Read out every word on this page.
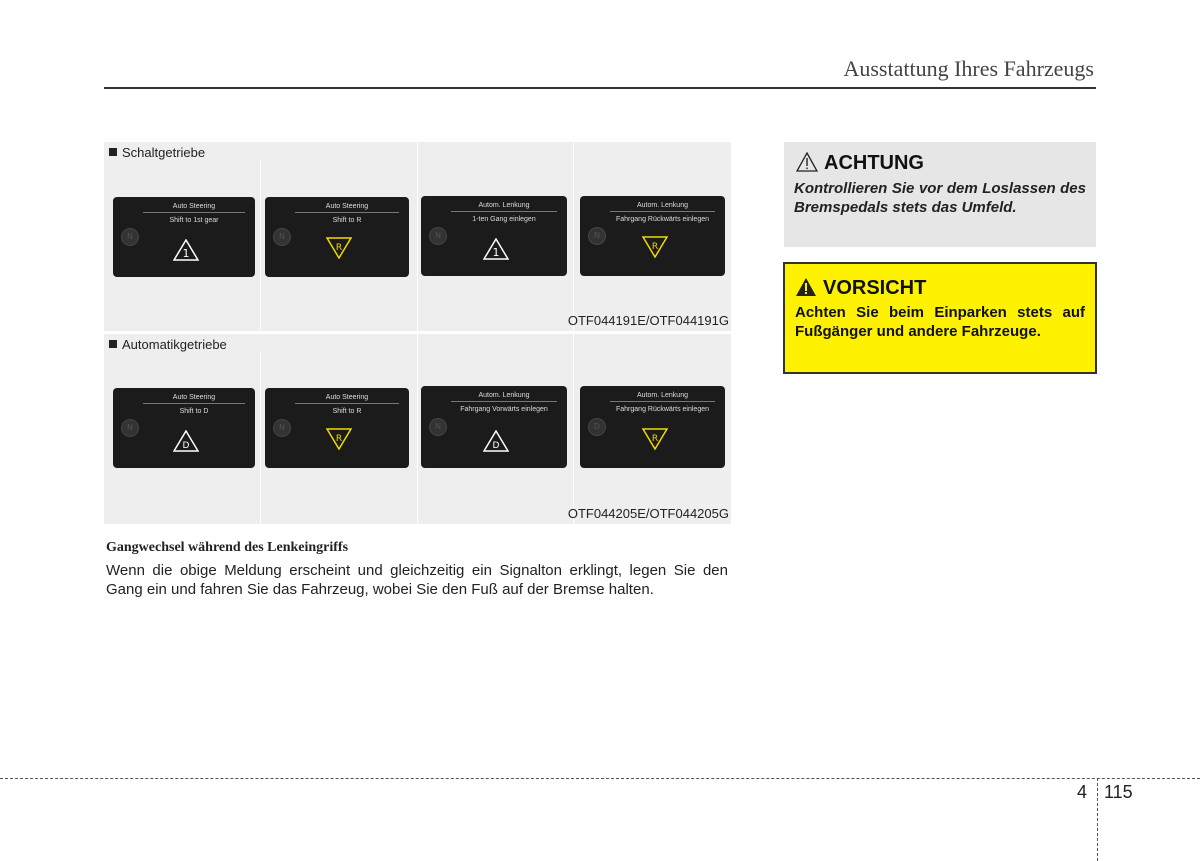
Ausstattung Ihres Fahrzeugs
Schaltgetriebe
N
Auto Steering
Shift to 1st gear
1
N
Auto Steering
Shift to R
R
N
Autom. Lenkung
1-ten Gang einlegen
1
N
Autom. Lenkung
Fahrgang Rückwärts einlegen
R
OTF044191E/OTF044191G
Automatikgetriebe
N
Auto Steering
Shift to D
D
N
Auto Steering
Shift to R
R
N
Autom. Lenkung
Fahrgang Vorwärts einlegen
D
D
Autom. Lenkung
Fahrgang Rückwärts einlegen
R
OTF044205E/OTF044205G
ACHTUNG
Kontrollieren Sie vor dem Loslassen des Bremspedals stets das Umfeld.
VORSICHT
Achten Sie beim Einparken stets auf Fußgänger und andere Fahrzeuge.
Gangwechsel während des Lenkeingriffs
Wenn die obige Meldung erscheint und gleichzeitig ein Signalton erklingt, legen Sie den Gang ein und fahren Sie das Fahrzeug, wobei Sie den Fuß auf der Bremse halten.
4 115
